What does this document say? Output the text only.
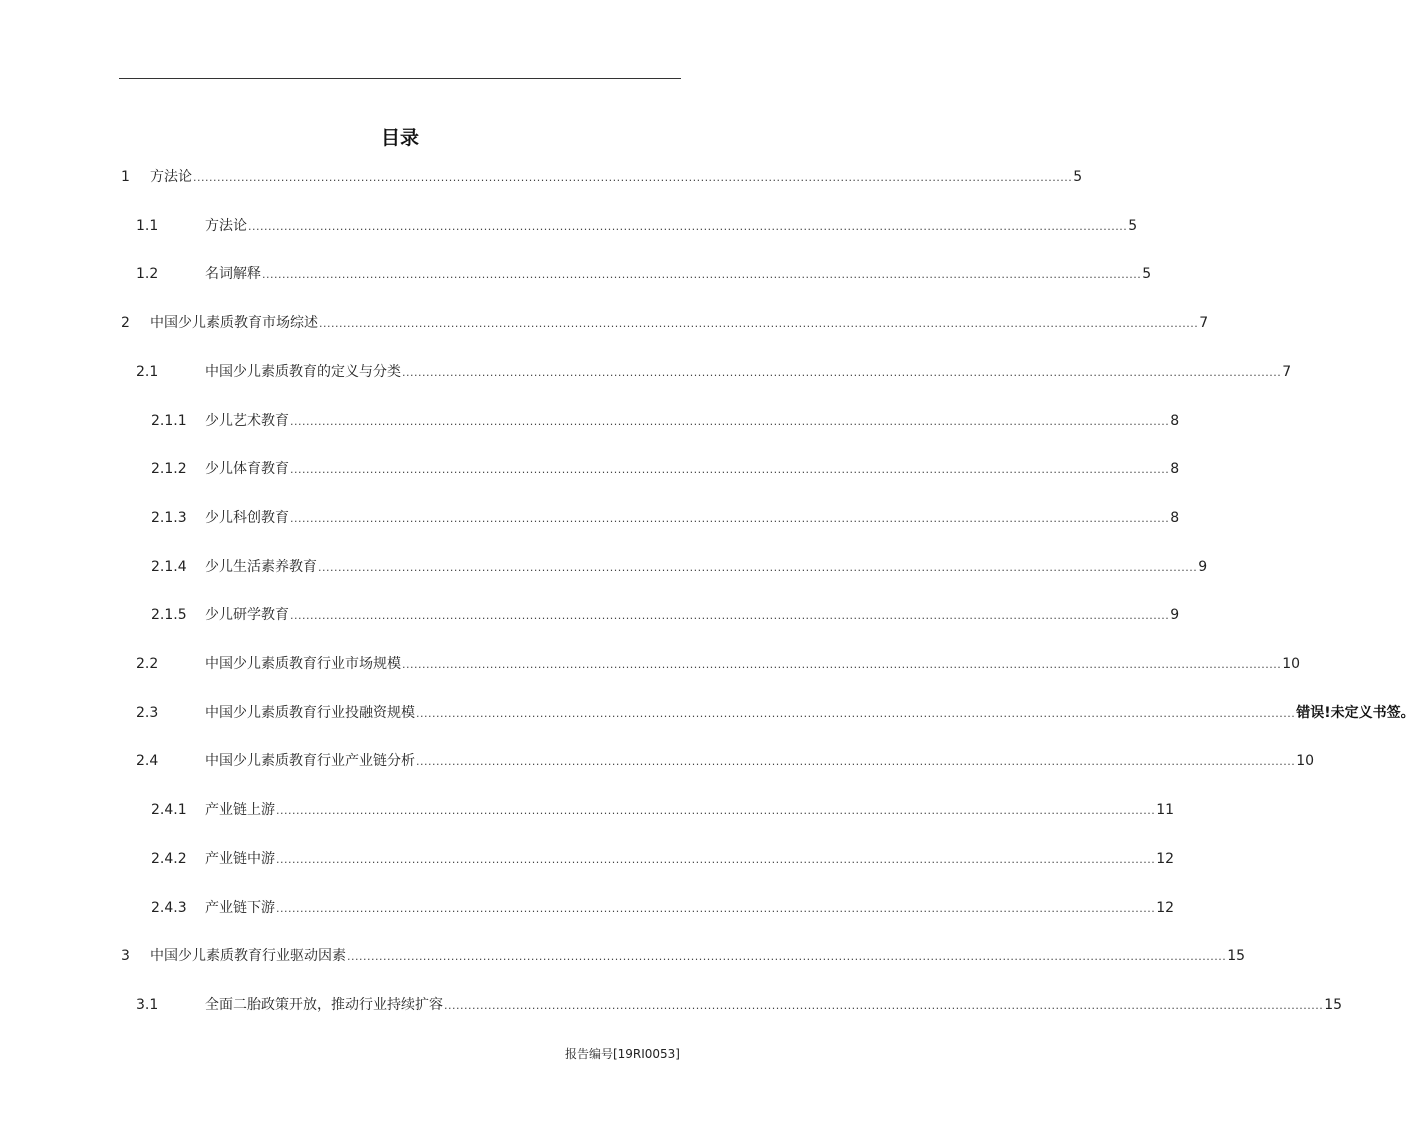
目录
1 方法论 ............................................................................................................................................................................................................................ 5
1.1	方法论 ............................................................................................................................................................................................................................ 5
1.2	名词解释 ............................................................................................................................................................................................................................ 5
2 中国少儿素质教育市场综述 ............................................................................................................................................................................................................................ 7
2.1	中国少儿素质教育的定义与分类 ............................................................................................................................................................................................................................ 7
2.1.1 少儿艺术教育 ............................................................................................................................................................................................................................ 8
2.1.2 少儿体育教育 ............................................................................................................................................................................................................................ 8
2.1.3 少儿科创教育 ............................................................................................................................................................................................................................ 8
2.1.4 少儿生活素养教育 ............................................................................................................................................................................................................................ 9
2.1.5 少儿研学教育 ............................................................................................................................................................................................................................ 9
2.2	中国少儿素质教育行业市场规模 ............................................................................................................................................................................................................................ 10
2.3	中国少儿素质教育行业投融资规模 ............................................................................................................................................................................................................................ 错误!未定义书签。
2.4	中国少儿素质教育行业产业链分析 ............................................................................................................................................................................................................................ 10
2.4.1 产业链上游 ............................................................................................................................................................................................................................ 11
2.4.2 产业链中游 ............................................................................................................................................................................................................................ 12
2.4.3 产业链下游 ............................................................................................................................................................................................................................ 12
3 中国少儿素质教育行业驱动因素 ............................................................................................................................................................................................................................ 15
3.1	全面二胎政策开放，推动行业持续扩容 ............................................................................................................................................................................................................................ 15
报告编号[19RI0053]
